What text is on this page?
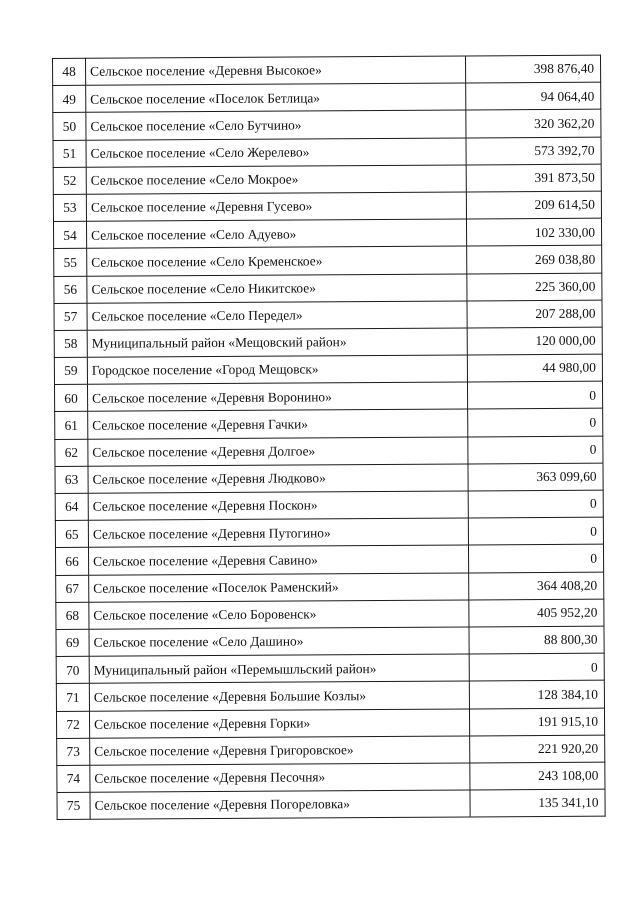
48	Сельское поселение «Деревня Высокое»	398 876,40
49	Сельское поселение «Поселок Бетлица»	94 064,40
50	Сельское поселение «Село Бутчино»	320 362,20
51	Сельское поселение «Село Жерелево»	573 392,70
52	Сельское поселение «Село Мокрое»	391 873,50
53	Сельское поселение «Деревня Гусево»	209 614,50
54	Сельское поселение «Село Адуево»	102 330,00
55	Сельское поселение «Село Кременское»	269 038,80
56	Сельское поселение «Село Никитское»	225 360,00
57	Сельское поселение «Село Передел»	207 288,00
58	Муниципальный район «Мещовский район»	120 000,00
59	Городское поселение «Город Мещовск»	44 980,00
60	Сельское поселение «Деревня Воронино»	0
61	Сельское поселение «Деревня Гачки»	0
62	Сельское поселение «Деревня Долгое»	0
63	Сельское поселение «Деревня Людково»	363 099,60
64	Сельское поселение «Деревня Поскон»	0
65	Сельское поселение «Деревня Путогино»	0
66	Сельское поселение «Деревня Савино»	0
67	Сельское поселение «Поселок Раменский»	364 408,20
68	Сельское поселение «Село Боровенск»	405 952,20
69	Сельское поселение «Село Дашино»	88 800,30
70	Муниципальный район «Перемышльский район»	0
71	Сельское поселение «Деревня Большие Козлы»	128 384,10
72	Сельское поселение «Деревня Горки»	191 915,10
73	Сельское поселение «Деревня Григоровское»	221 920,20
74	Сельское поселение «Деревня Песочня»	243 108,00
75	Сельское поселение «Деревня Погореловка»	135 341,10
